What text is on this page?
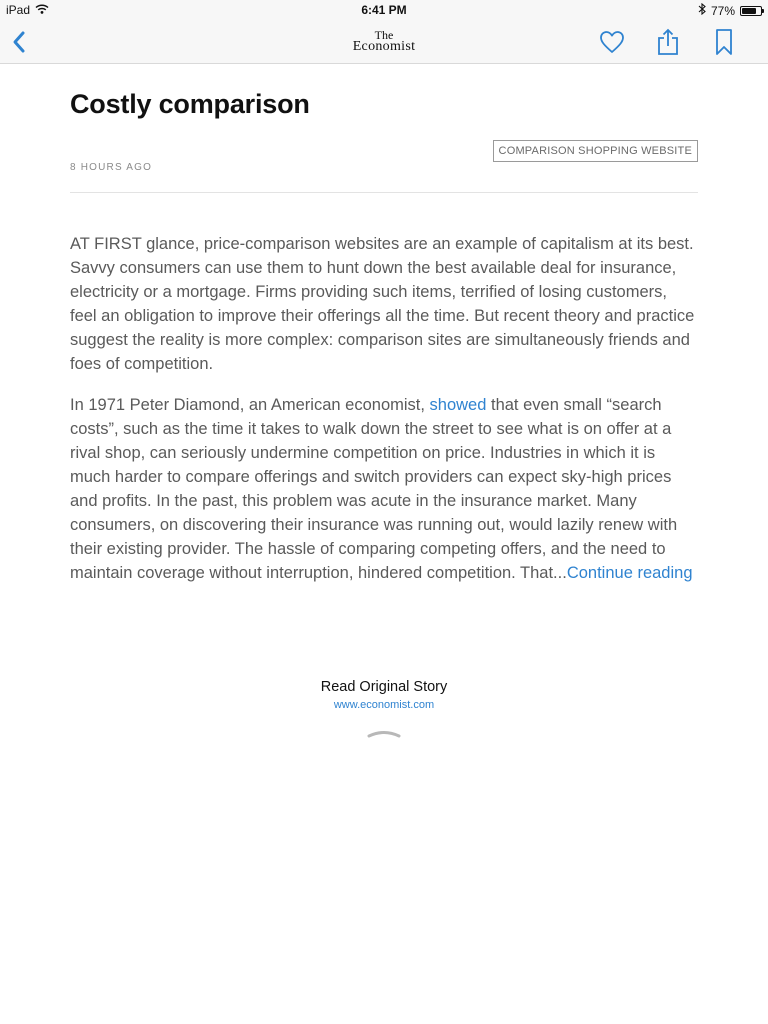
iPad	6:41 PM	77%
The
Economist
Costly comparison
8 HOURS AGO
COMPARISON SHOPPING WEBSITE

AT FIRST glance, price-comparison websites are an example of capitalism at its best. Savvy consumers can use them to hunt down the best available deal for insurance, electricity or a mortgage. Firms providing such items, terrified of losing customers, feel an obligation to improve their offerings all the time. But recent theory and practice suggest the reality is more complex: comparison sites are simultaneously friends and foes of competition.

In 1971 Peter Diamond, an American economist, showed that even small “search costs”, such as the time it takes to walk down the street to see what is on offer at a rival shop, can seriously undermine competition on price. Industries in which it is much harder to compare offerings and switch providers can expect sky-high prices and profits. In the past, this problem was acute in the insurance market. Many consumers, on discovering their insurance was running out, would lazily renew with their existing provider. The hassle of comparing competing offers, and the need to maintain coverage without interruption, hindered competition. That...Continue reading

Read Original Story
www.economist.com
